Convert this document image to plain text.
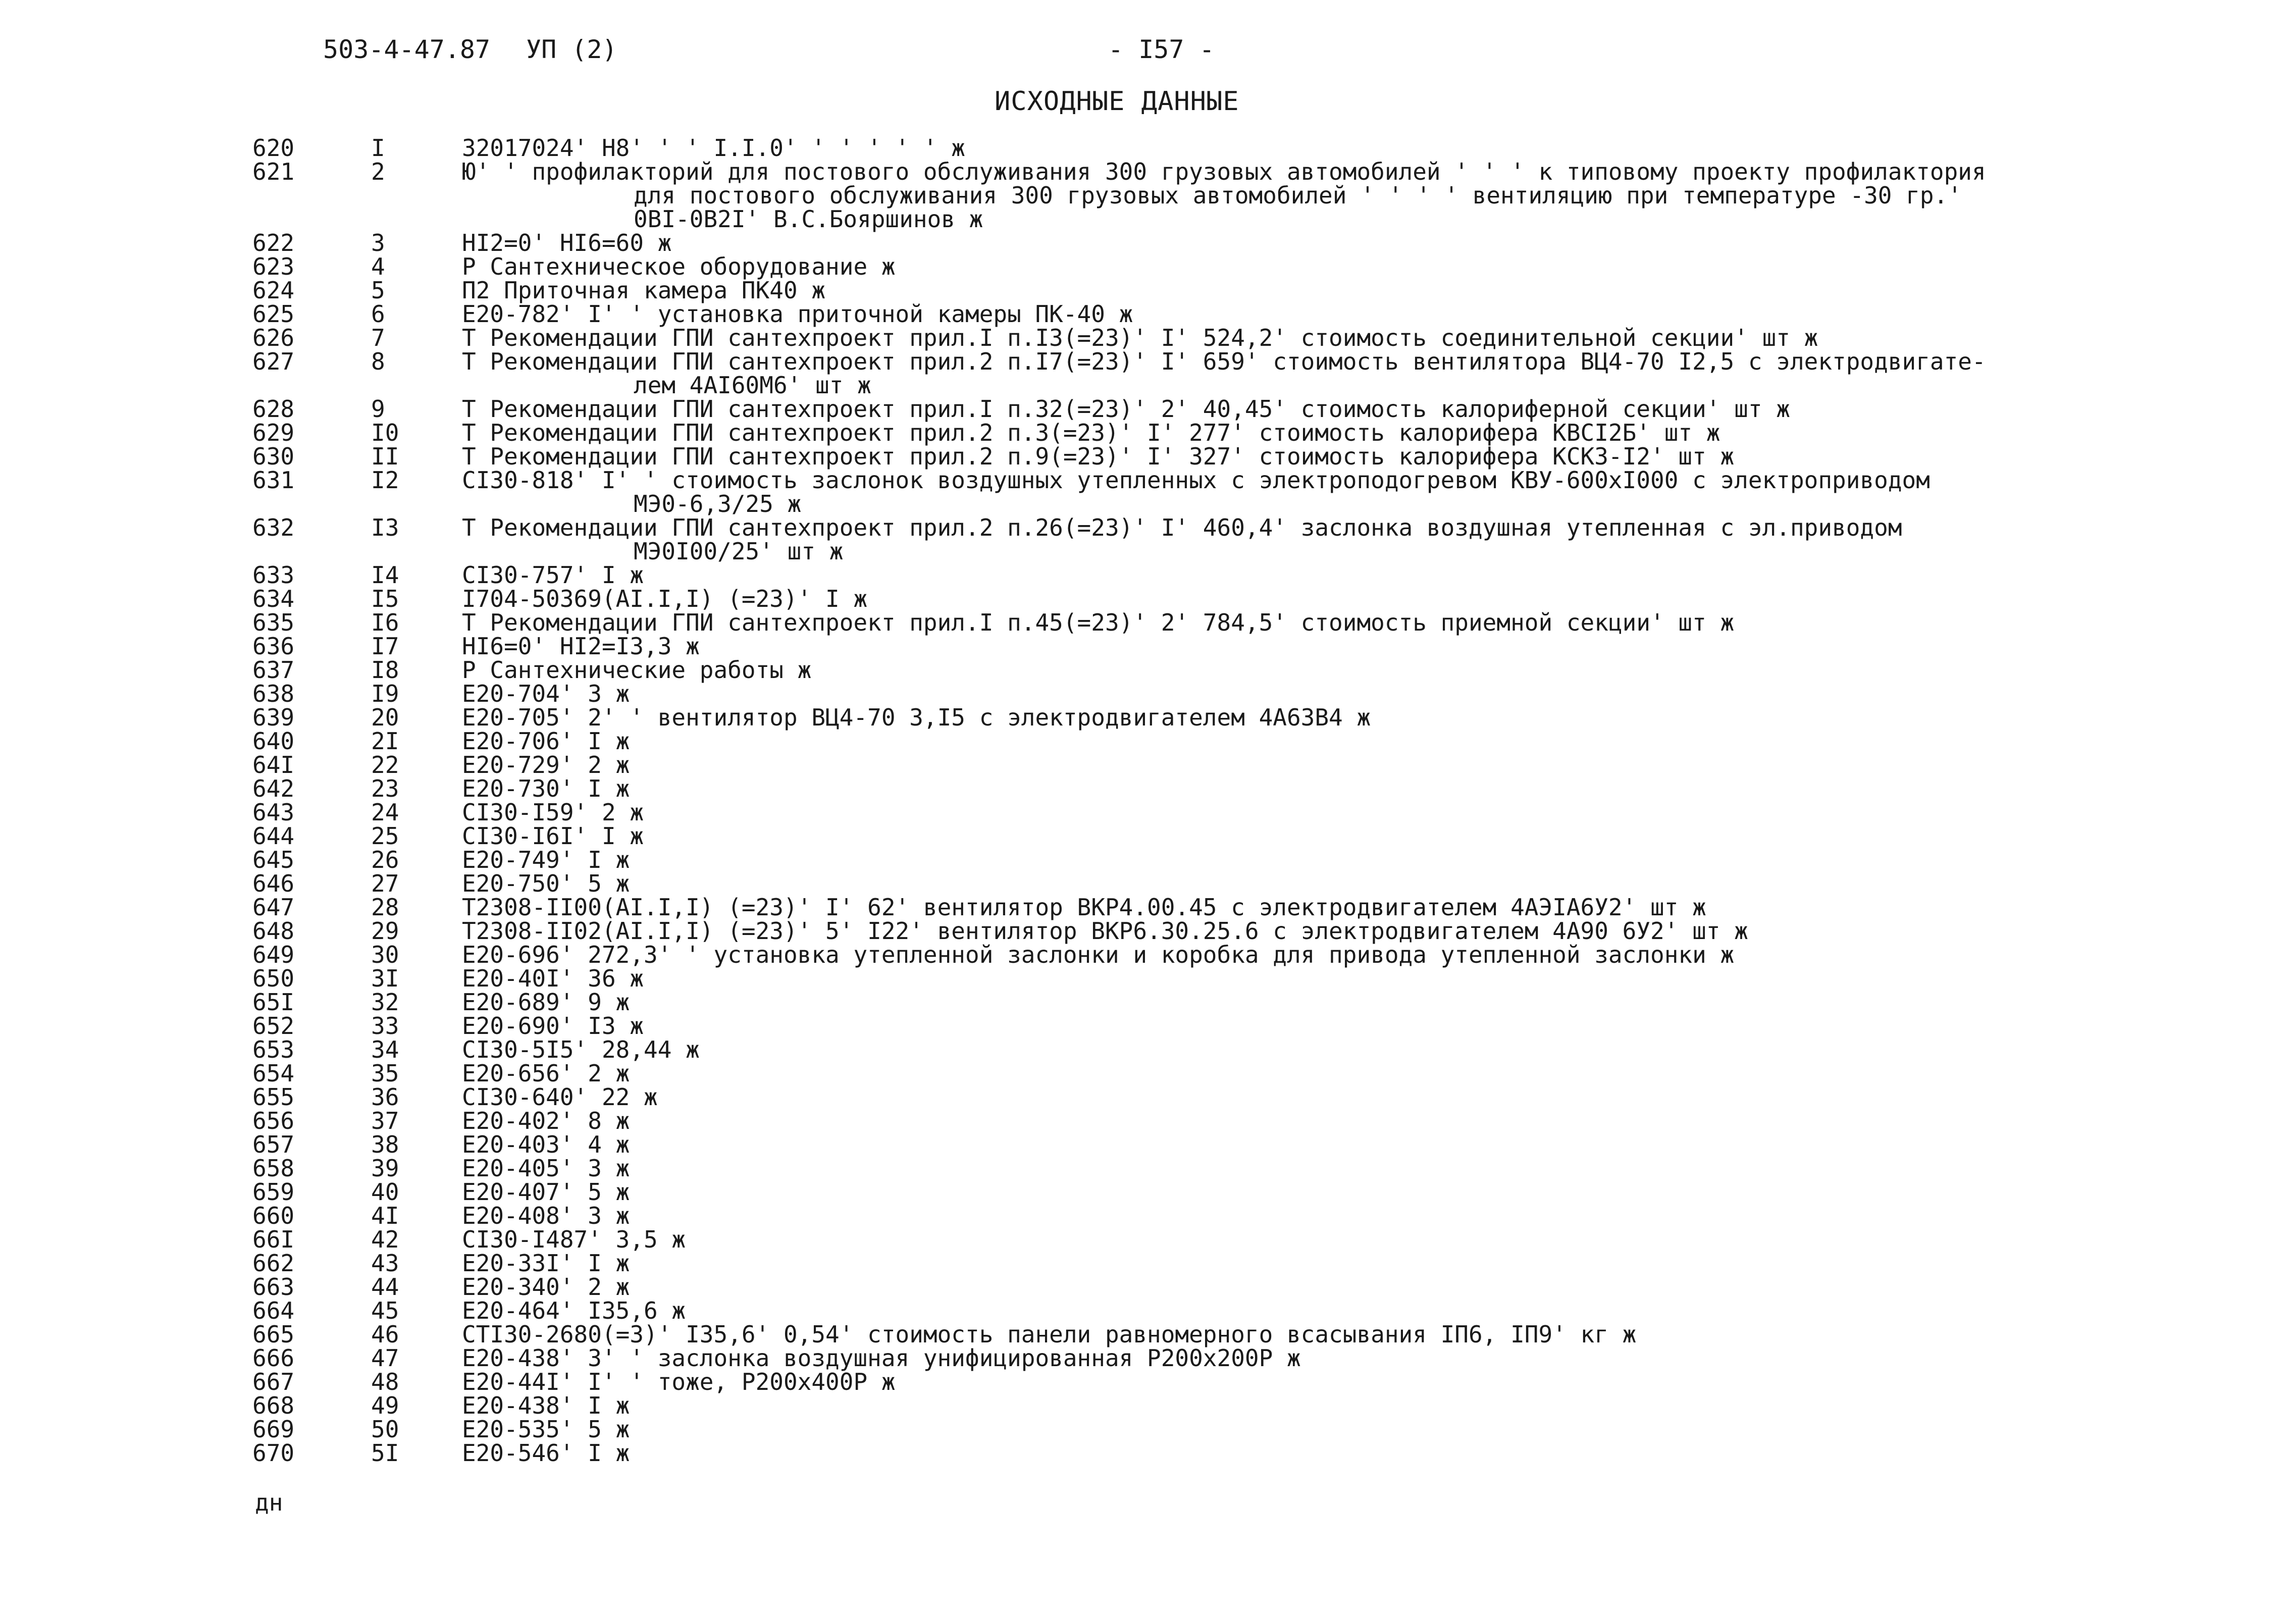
503-4-47.87 УП (2)	- I57 -
ИСХОДНЫЕ ДАННЫЕ
620	I	32017024' Н8' ' ' I.I.0' ' ' ' ' ' ж
621	2	Ю' ' профилакторий для постового обслуживания 300 грузовых автомобилей ' ' ' к типовому проекту профилактория
для постового обслуживания 300 грузовых автомобилей ' ' ' ' вентиляцию при температуре -30 гр.'
0ВI-0В2I' В.С.Бояршинов ж
622	3	НI2=0' НI6=60 ж
623	4	Р Сантехническое оборудование ж
624	5	П2 Приточная камера ПК40 ж
625	6	Е20-782' I' ' установка приточной камеры ПК-40 ж
626	7	Т Рекомендации ГПИ сантехпроект прил.I п.I3(=23)' I' 524,2' стоимость соединительной секции' шт ж
627	8	Т Рекомендации ГПИ сантехпроект прил.2 п.I7(=23)' I' 659' стоимость вентилятора ВЦ4-70 I2,5 с электродвигате-
лем 4АI60М6' шт ж
628	9	Т Рекомендации ГПИ сантехпроект прил.I п.32(=23)' 2' 40,45' стоимость калориферной секции' шт ж
629	I0	Т Рекомендации ГПИ сантехпроект прил.2 п.3(=23)' I' 277' стоимость калорифера КВСI2Б' шт ж
630	II	Т Рекомендации ГПИ сантехпроект прил.2 п.9(=23)' I' 327' стоимость калорифера КСК3-I2' шт ж
631	I2	СI30-818' I' ' стоимость заслонок воздушных утепленных с электроподогревом КВУ-600хI000 с электроприводом
МЭ0-6,3/25 ж
632	I3	Т Рекомендации ГПИ сантехпроект прил.2 п.26(=23)' I' 460,4' заслонка воздушная утепленная с эл.приводом
МЭ0I00/25' шт ж
633	I4	СI30-757' I ж
634	I5	I704-50369(АI.I,I) (=23)' I ж
635	I6	Т Рекомендации ГПИ сантехпроект прил.I п.45(=23)' 2' 784,5' стоимость приемной секции' шт ж
636	I7	НI6=0' НI2=I3,3 ж
637	I8	Р Сантехнические работы ж
638	I9	Е20-704' 3 ж
639	20	Е20-705' 2' ' вентилятор ВЦ4-70 3,I5 с электродвигателем 4А63В4 ж
640	2I	Е20-706' I ж
64I	22	Е20-729' 2 ж
642	23	Е20-730' I ж
643	24	СI30-I59' 2 ж
644	25	СI30-I6I' I ж
645	26	Е20-749' I ж
646	27	Е20-750' 5 ж
647	28	Т2308-II00(АI.I,I) (=23)' I' 62' вентилятор ВКР4.00.45 с электродвигателем 4АЭIА6У2' шт ж
648	29	Т2308-II02(АI.I,I) (=23)' 5' I22' вентилятор ВКР6.30.25.6 с электродвигателем 4А90 6У2' шт ж
649	30	Е20-696' 272,3' ' установка утепленной заслонки и коробка для привода утепленной заслонки ж
650	3I	Е20-40I' 36 ж
65I	32	Е20-689' 9 ж
652	33	Е20-690' I3 ж
653	34	СI30-5I5' 28,44 ж
654	35	Е20-656' 2 ж
655	36	СI30-640' 22 ж
656	37	Е20-402' 8 ж
657	38	Е20-403' 4 ж
658	39	Е20-405' 3 ж
659	40	Е20-407' 5 ж
660	4I	Е20-408' 3 ж
66I	42	СI30-I487' 3,5 ж
662	43	Е20-33I' I ж
663	44	Е20-340' 2 ж
664	45	Е20-464' I35,6 ж
665	46	СТI30-2680(=3)' I35,6' 0,54' стоимость панели равномерного всасывания IП6, IП9' кг ж
666	47	Е20-438' 3' ' заслонка воздушная унифицированная Р200х200Р ж
667	48	Е20-44I' I' ' тоже, Р200х400Р ж
668	49	Е20-438' I ж
669	50	Е20-535' 5 ж
670	5I	Е20-546' I ж
дн
